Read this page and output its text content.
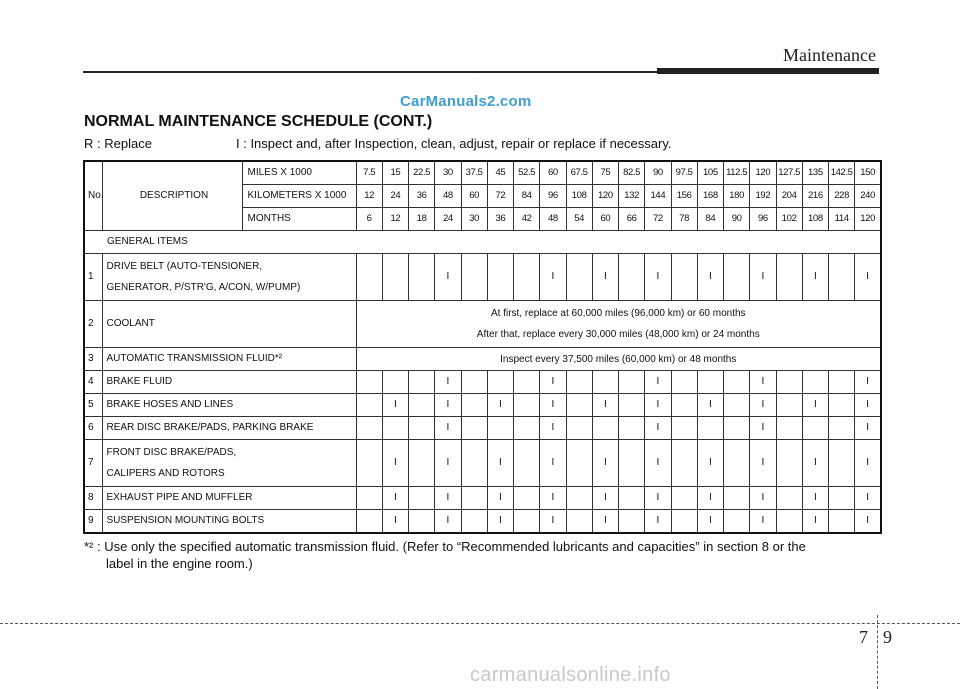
Maintenance
CarManuals2.com
NORMAL MAINTENANCE SCHEDULE (CONT.)
R : Replace	I : Inspect and, after Inspection, clean, adjust, repair or replace if necessary.
No.	DESCRIPTION	MILES X 1000	7.5	15	22.5	30	37.5	45	52.5	60	67.5	75	82.5	90	97.5	105	112.5	120	127.5	135	142.5	150
		KILOMETERS X 1000	12	24	36	48	60	72	84	96	108	120	132	144	156	168	180	192	204	216	228	240
		MONTHS	6	12	18	24	30	36	42	48	54	60	66	72	78	84	90	96	102	108	114	120
GENERAL ITEMS																						
1	DRIVE BELT (AUTO-TENSIONER,
GENERATOR, P/STR'G, A/CON, W/PUMP)					I				I		I		I		I		I		I		I
2	COOLANT		At first, replace at 60,000 miles (96,000 km) or 60 months
After that, replace every 30,000 miles (48,000 km) or 24 months																			

3	AUTOMATIC TRANSMISSION FLUID*²		Inspect every 37,500 miles (60,000 km) or 48 months																			

4	BRAKE FLUID					I				I				I				I				I
5	BRAKE HOSES AND LINES			I		I		I		I		I		I		I		I		I		I
6	REAR DISC BRAKE/PADS, PARKING BRAKE					I				I				I				I				I
7	FRONT DISC BRAKE/PADS,
CALIPERS AND ROTORS			I		I		I		I		I		I		I		I		I		I
8	EXHAUST PIPE AND MUFFLER			I		I		I		I		I		I		I		I		I		I
9	SUSPENSION MOUNTING BOLTS			I		I		I		I		I		I		I		I		I		I
*² : Use only the specified automatic transmission fluid. (Refer to “Recommended lubricants and capacities” in section 8 or the
label in the engine room.)
7 9
carmanualsonline.info
